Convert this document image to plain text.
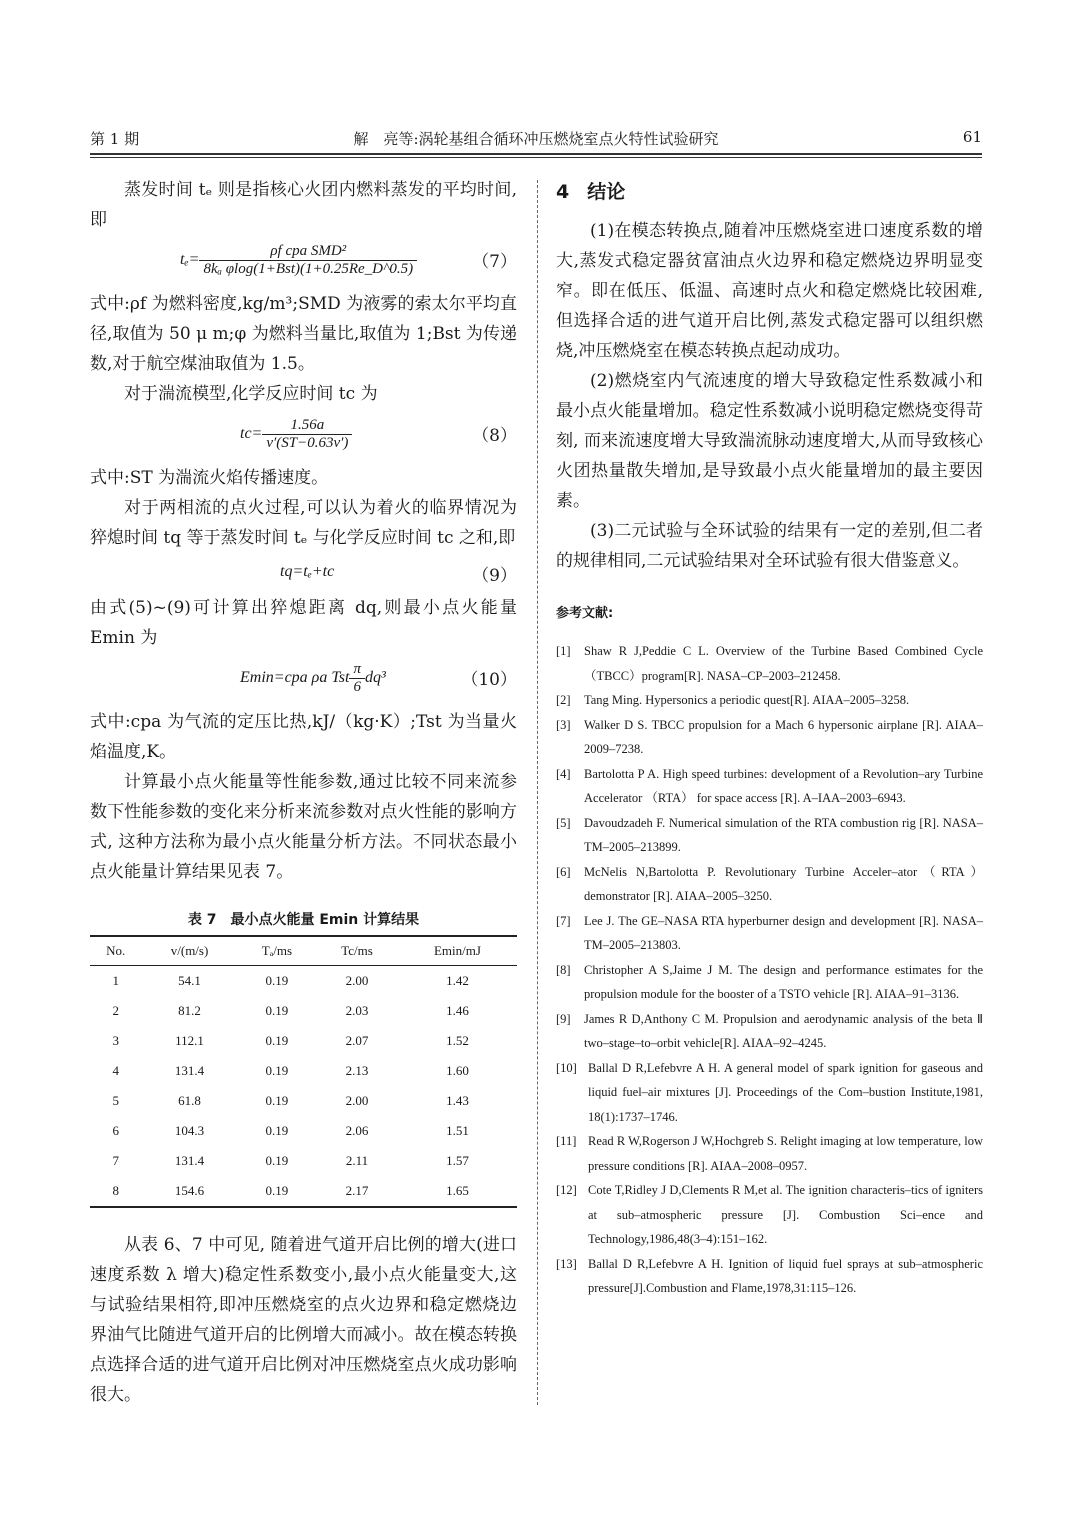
第 1 期	解　亮等:涡轮基组合循环冲压燃烧室点火特性试验研究	61

蒸发时间 tₑ 则是指核心火团内燃料蒸发的平均时间,即

$t_e= \frac{\text{ρf cpa SMD²}}{\text{8kₐ φlog(1+Bst)(1+0.25Re\_D\textasciicircum{}0.5)}}$	（7）

式中:ρf 为燃料密度,kg/m³;SMD 为液雾的索太尔平均直径,取值为 50 μ m;φ 为燃料当量比,取值为 1;Bst 为传递数,对于航空煤油取值为 1.5。

对于湍流模型,化学反应时间 tc 为

$tc= \frac{1.56a}{v'(ST-0.63v')}$	（8）

式中:ST 为湍流火焰传播速度。

对于两相流的点火过程,可以认为着火的临界情况为猝熄时间 tq 等于蒸发时间 tₑ 与化学反应时间 tc 之和,即

tq=tₑ+tc	（9）

由式(5)~(9)可计算出猝熄距离 dq,则最小点火能量 Emin 为

Emin=cpa ρa Tst $\frac{\pi}{6} dq^3$	（10）

式中:cpa 为气流的定压比热,kJ/（kg·K）;Tst 为当量火焰温度,K。

计算最小点火能量等性能参数,通过比较不同来流参数下性能参数的变化来分析来流参数对点火性能的影响方式, 这种方法称为最小点火能量分析方法。不同状态最小点火能量计算结果见表 7。

表 7　最小点火能量 Emin 计算结果
No.	v/(m/s)	Tₐ/ms	Tc/ms	Emin/mJ
1	54.1	0.19	2.00	1.42
2	81.2	0.19	2.03	1.46
3	112.1	0.19	2.07	1.52
4	131.4	0.19	2.13	1.60
5	61.8	0.19	2.00	1.43
6	104.3	0.19	2.06	1.51
7	131.4	0.19	2.11	1.57
8	154.6	0.19	2.17	1.65

从表 6、7 中可见, 随着进气道开启比例的增大(进口速度系数 λ 增大)稳定性系数变小,最小点火能量变大,这与试验结果相符,即冲压燃烧室的点火边界和稳定燃烧边界油气比随进气道开启的比例增大而减小。故在模态转换点选择合适的进气道开启比例对冲压燃烧室点火成功影响很大。

4 结论

(1)在模态转换点,随着冲压燃烧室进口速度系数的增大,蒸发式稳定器贫富油点火边界和稳定燃烧边界明显变窄。即在低压、低温、高速时点火和稳定燃烧比较困难,但选择合适的进气道开启比例,蒸发式稳定器可以组织燃烧,冲压燃烧室在模态转换点起动成功。

(2)燃烧室内气流速度的增大导致稳定性系数减小和最小点火能量增加。稳定性系数减小说明稳定燃烧变得苛刻, 而来流速度增大导致湍流脉动速度增大,从而导致核心火团热量散失增加,是导致最小点火能量增加的最主要因素。

(3)二元试验与全环试验的结果有一定的差别,但二者的规律相同,二元试验结果对全环试验有很大借鉴意义。

参考文献:
[1] Shaw R J,Peddie C L. Overview of the Turbine Based Combined Cycle（TBCC）program[R]. NASA–CP–2003–212458.
[2] Tang Ming. Hypersonics a periodic quest[R]. AIAA–2005–3258.
[3] Walker D S. TBCC propulsion for a Mach 6 hypersonic airplane [R]. AIAA–2009–7238.
[4] Bartolotta P A. High speed turbines: development of a Revolution–ary Turbine Accelerator （RTA） for space access [R]. A–IAA–2003–6943.
[5] Davoudzadeh F. Numerical simulation of the RTA combustion rig [R]. NASA–TM–2005–213899.
[6] McNelis N,Bartolotta P. Revolutionary Turbine Acceler–ator（RTA）demonstrator [R]. AIAA–2005–3250.
[7] Lee J. The GE–NASA RTA hyperburner design and development [R]. NASA–TM–2005–213803.
[8] Christopher A S,Jaime J M. The design and performance estimates for the propulsion module for the booster of a TSTO vehicle [R]. AIAA–91–3136.
[9] James R D,Anthony C M. Propulsion and aerodynamic analysis of the beta Ⅱ two–stage–to–orbit vehicle[R]. AIAA–92–4245.
[10] Ballal D R,Lefebvre A H. A general model of spark ignition for gaseous and liquid fuel–air mixtures [J]. Proceedings of the Com–bustion Institute,1981, 18(1):1737–1746.
[11] Read R W,Rogerson J W,Hochgreb S. Relight imaging at low temperature, low pressure conditions [R]. AIAA–2008–0957.
[12] Cote T,Ridley J D,Clements R M,et al. The ignition characteris–tics of igniters at sub–atmospheric pressure [J]. Combustion Sci–ence and Technology,1986,48(3–4):151–162.
[13] Ballal D R,Lefebvre A H. Ignition of liquid fuel sprays at sub–atmospheric pressure[J].Combustion and Flame,1978,31:115–126.
